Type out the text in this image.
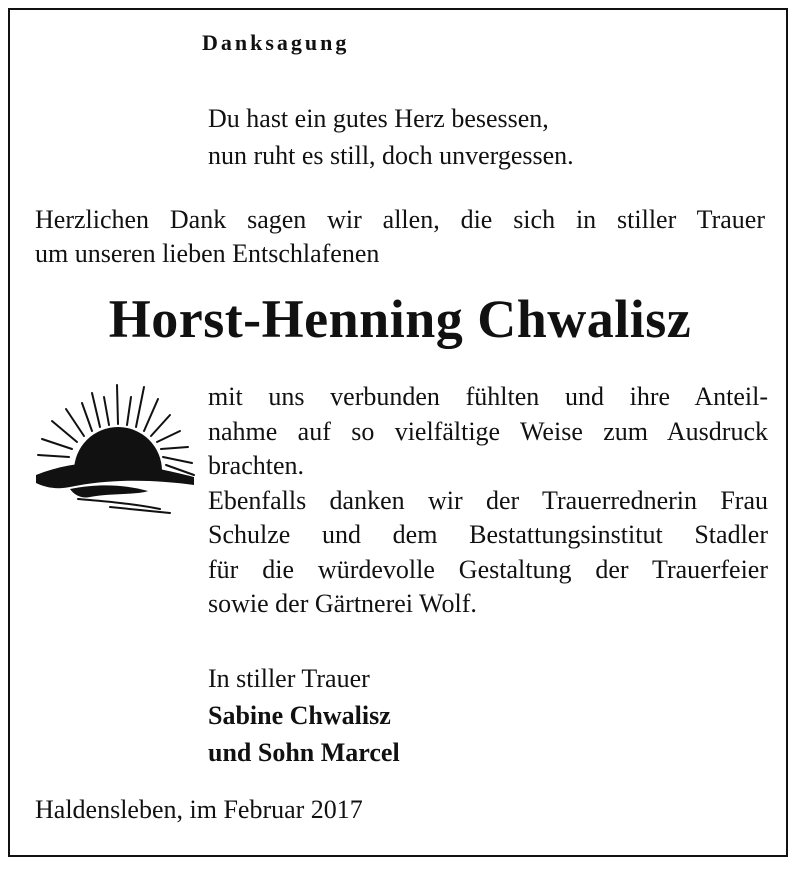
Danksagung
Du hast ein gutes Herz besessen,
nun ruht es still, doch unvergessen.
Herzlichen Dank sagen wir allen, die sich in stiller Trauer
um unseren lieben Entschlafenen
Horst-Henning Chwalisz
mit uns verbunden fühlten und ihre Anteil-
nahme auf so vielfältige Weise zum Ausdruck
brachten.
Ebenfalls danken wir der Trauerrednerin Frau
Schulze und dem Bestattungsinstitut Stadler
für die würdevolle Gestaltung der Trauerfeier
sowie der Gärtnerei Wolf.
In stiller Trauer
Sabine Chwalisz
und Sohn Marcel
Haldensleben, im Februar 2017
